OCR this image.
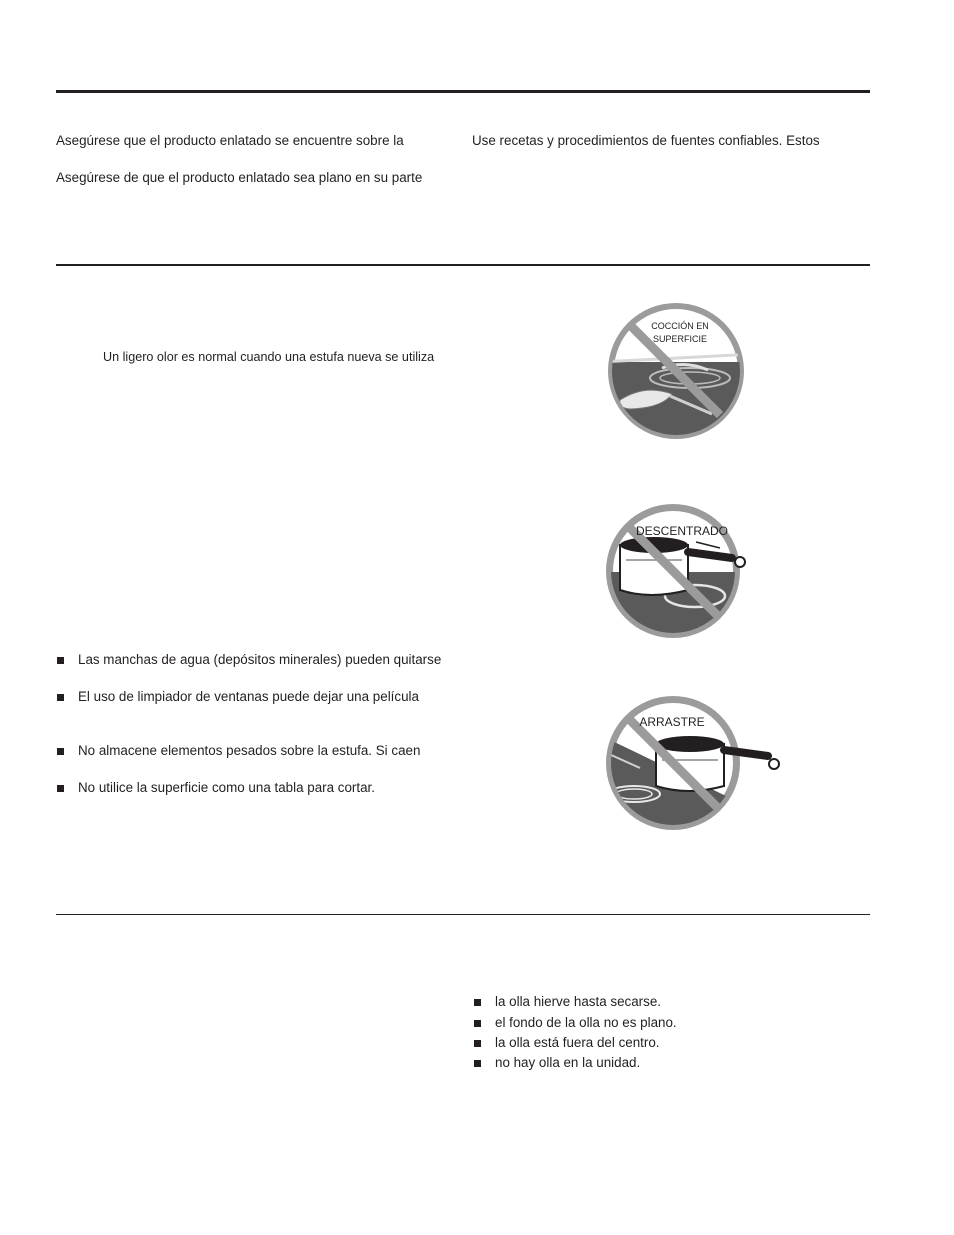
Asegúrese que el producto enlatado se encuentre sobre la
Asegúrese de que el producto enlatado sea plano en su parte
Use recetas y procedimientos de fuentes confiables. Estos
Un ligero olor es normal cuando una estufa nueva se utiliza
Las manchas de agua (depósitos minerales) pueden quitarse
El uso de limpiador de ventanas puede dejar una película
No almacene elementos pesados sobre la estufa. Si caen
No utilice la superficie como una tabla para cortar.
COCCIÓN EN
SUPERFICIE
DESCENTRADO
ARRASTRE
la olla hierve hasta secarse.
el fondo de la olla no es plano.
la olla está fuera del centro.
no hay olla en la unidad.
